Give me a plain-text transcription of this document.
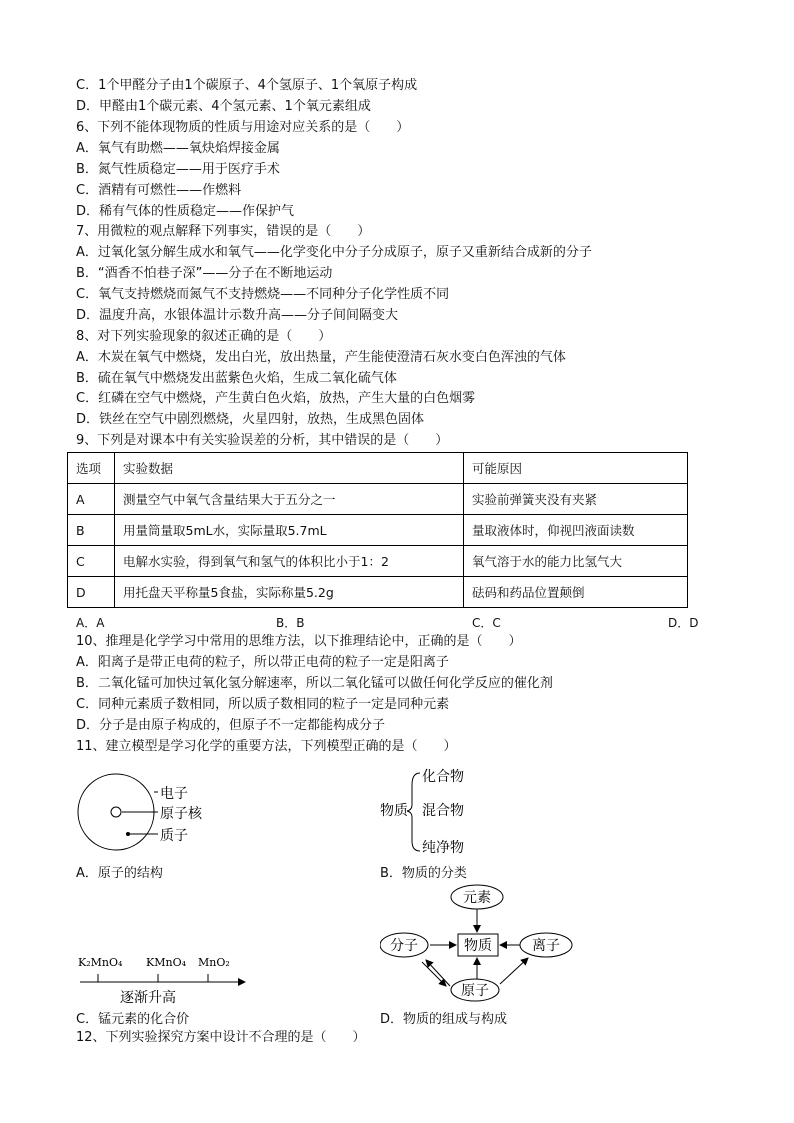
C．1个甲醛分子由1个碳原子、4个氢原子、1个氧原子构成
D．甲醛由1个碳元素、4个氢元素、1个氧元素组成
6、下列不能体现物质的性质与用途对应关系的是（　　）
A．氧气有助燃——氧炔焰焊接金属
B．氮气性质稳定——用于医疗手术
C．酒精有可燃性——作燃料
D．稀有气体的性质稳定——作保护气
7、用微粒的观点解释下列事实，错误的是（　　）
A．过氧化氢分解生成水和氧气——化学变化中分子分成原子，原子又重新结合成新的分子
B．“酒香不怕巷子深”——分子在不断地运动
C．氧气支持燃烧而氮气不支持燃烧——不同种分子化学性质不同
D．温度升高，水银体温计示数升高——分子间间隔变大
8、对下列实验现象的叙述正确的是（　　）
A．木炭在氧气中燃烧，发出白光，放出热量，产生能使澄清石灰水变白色浑浊的气体
B．硫在氧气中燃烧发出蓝紫色火焰，生成二氧化硫气体
C．红磷在空气中燃烧，产生黄白色火焰，放热，产生大量的白色烟雾
D．铁丝在空气中剧烈燃烧，火星四射，放热，生成黑色固体
9、下列是对课本中有关实验误差的分析，其中错误的是（　　）
选项	实验数据	可能原因
A	测量空气中氧气含量结果大于五分之一	实验前弹簧夹没有夹紧
B	用量筒量取5mL水，实际量取5.7mL	量取液体时，仰视凹液面读数
C	电解水实验，得到氧气和氢气的体积比小于1：2	氧气溶于水的能力比氢气大
D	用托盘天平称量5食盐，实际称量5.2g	砝码和药品位置颠倒
A．A	B．B	C．C	D．D
10、推理是化学学习中常用的思维方法，以下推理结论中，正确的是（　　）
A．阳离子是带正电荷的粒子，所以带正电荷的粒子一定是阳离子
B．二氧化锰可加快过氧化氢分解速率，所以二氧化锰可以做任何化学反应的催化剂
C．同种元素质子数相同，所以质子数相同的粒子一定是同种元素
D．分子是由原子构成的，但原子不一定都能构成分子
11、建立模型是学习化学的重要方法，下列模型正确的是（　　）
电子
原子核
质子
A．原子的结构
物质
化合物
混合物
纯净物
B．物质的分类
K₂MnO₄ KMnO₄ MnO₂
逐渐升高
C．锰元素的化合价
元素
物质
分子	离子
原子
D．物质的组成与构成
12、下列实验探究方案中设计不合理的是（　　）
